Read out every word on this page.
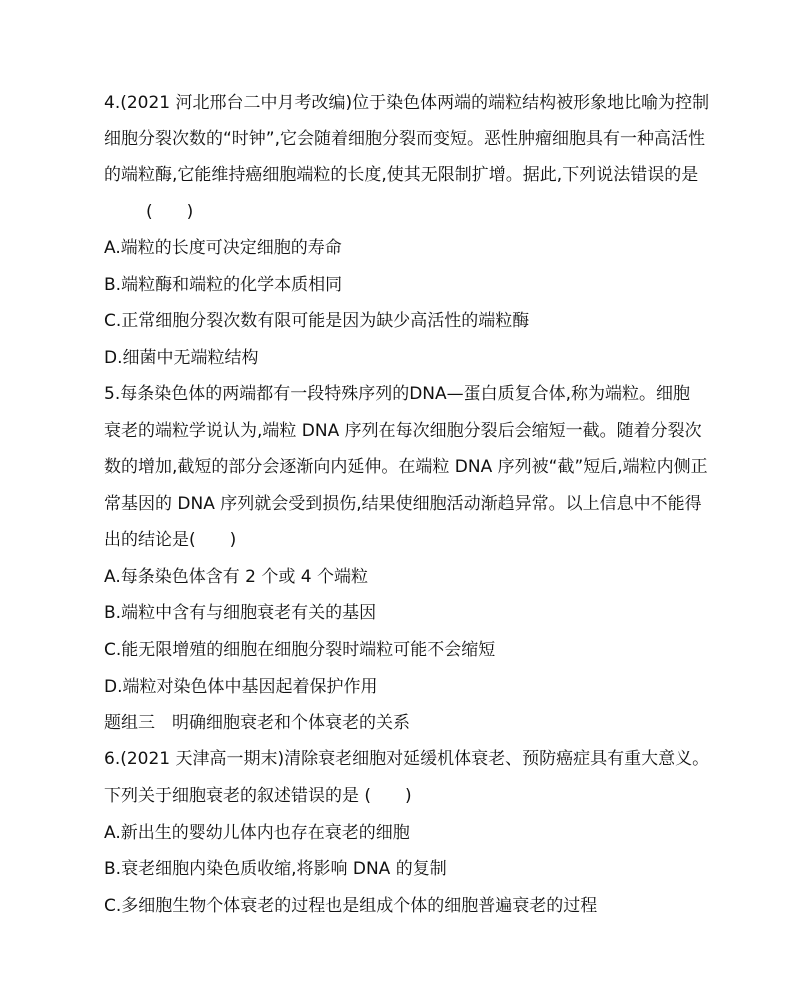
4.(2021 河北邢台二中月考改编)位于染色体两端的端粒结构被形象地比喻为控制
细胞分裂次数的“时钟”,它会随着细胞分裂而变短。恶性肿瘤细胞具有一种高活性
的端粒酶,它能维持癌细胞端粒的长度,使其无限制扩增。据此,下列说法错误的是
(　　)
A.端粒的长度可决定细胞的寿命
B.端粒酶和端粒的化学本质相同
C.正常细胞分裂次数有限可能是因为缺少高活性的端粒酶
D.细菌中无端粒结构
5.每条染色体的两端都有一段特殊序列的DNA—蛋白质复合体,称为端粒。细胞
衰老的端粒学说认为,端粒 DNA 序列在每次细胞分裂后会缩短一截。随着分裂次
数的增加,截短的部分会逐渐向内延伸。在端粒 DNA 序列被“截”短后,端粒内侧正
常基因的 DNA 序列就会受到损伤,结果使细胞活动渐趋异常。以上信息中不能得
出的结论是(　　)
A.每条染色体含有 2 个或 4 个端粒
B.端粒中含有与细胞衰老有关的基因
C.能无限增殖的细胞在细胞分裂时端粒可能不会缩短
D.端粒对染色体中基因起着保护作用
题组三　明确细胞衰老和个体衰老的关系
6.(2021 天津高一期末)清除衰老细胞对延缓机体衰老、预防癌症具有重大意义。
下列关于细胞衰老的叙述错误的是 (　　)
A.新出生的婴幼儿体内也存在衰老的细胞
B.衰老细胞内染色质收缩,将影响 DNA 的复制
C.多细胞生物个体衰老的过程也是组成个体的细胞普遍衰老的过程
